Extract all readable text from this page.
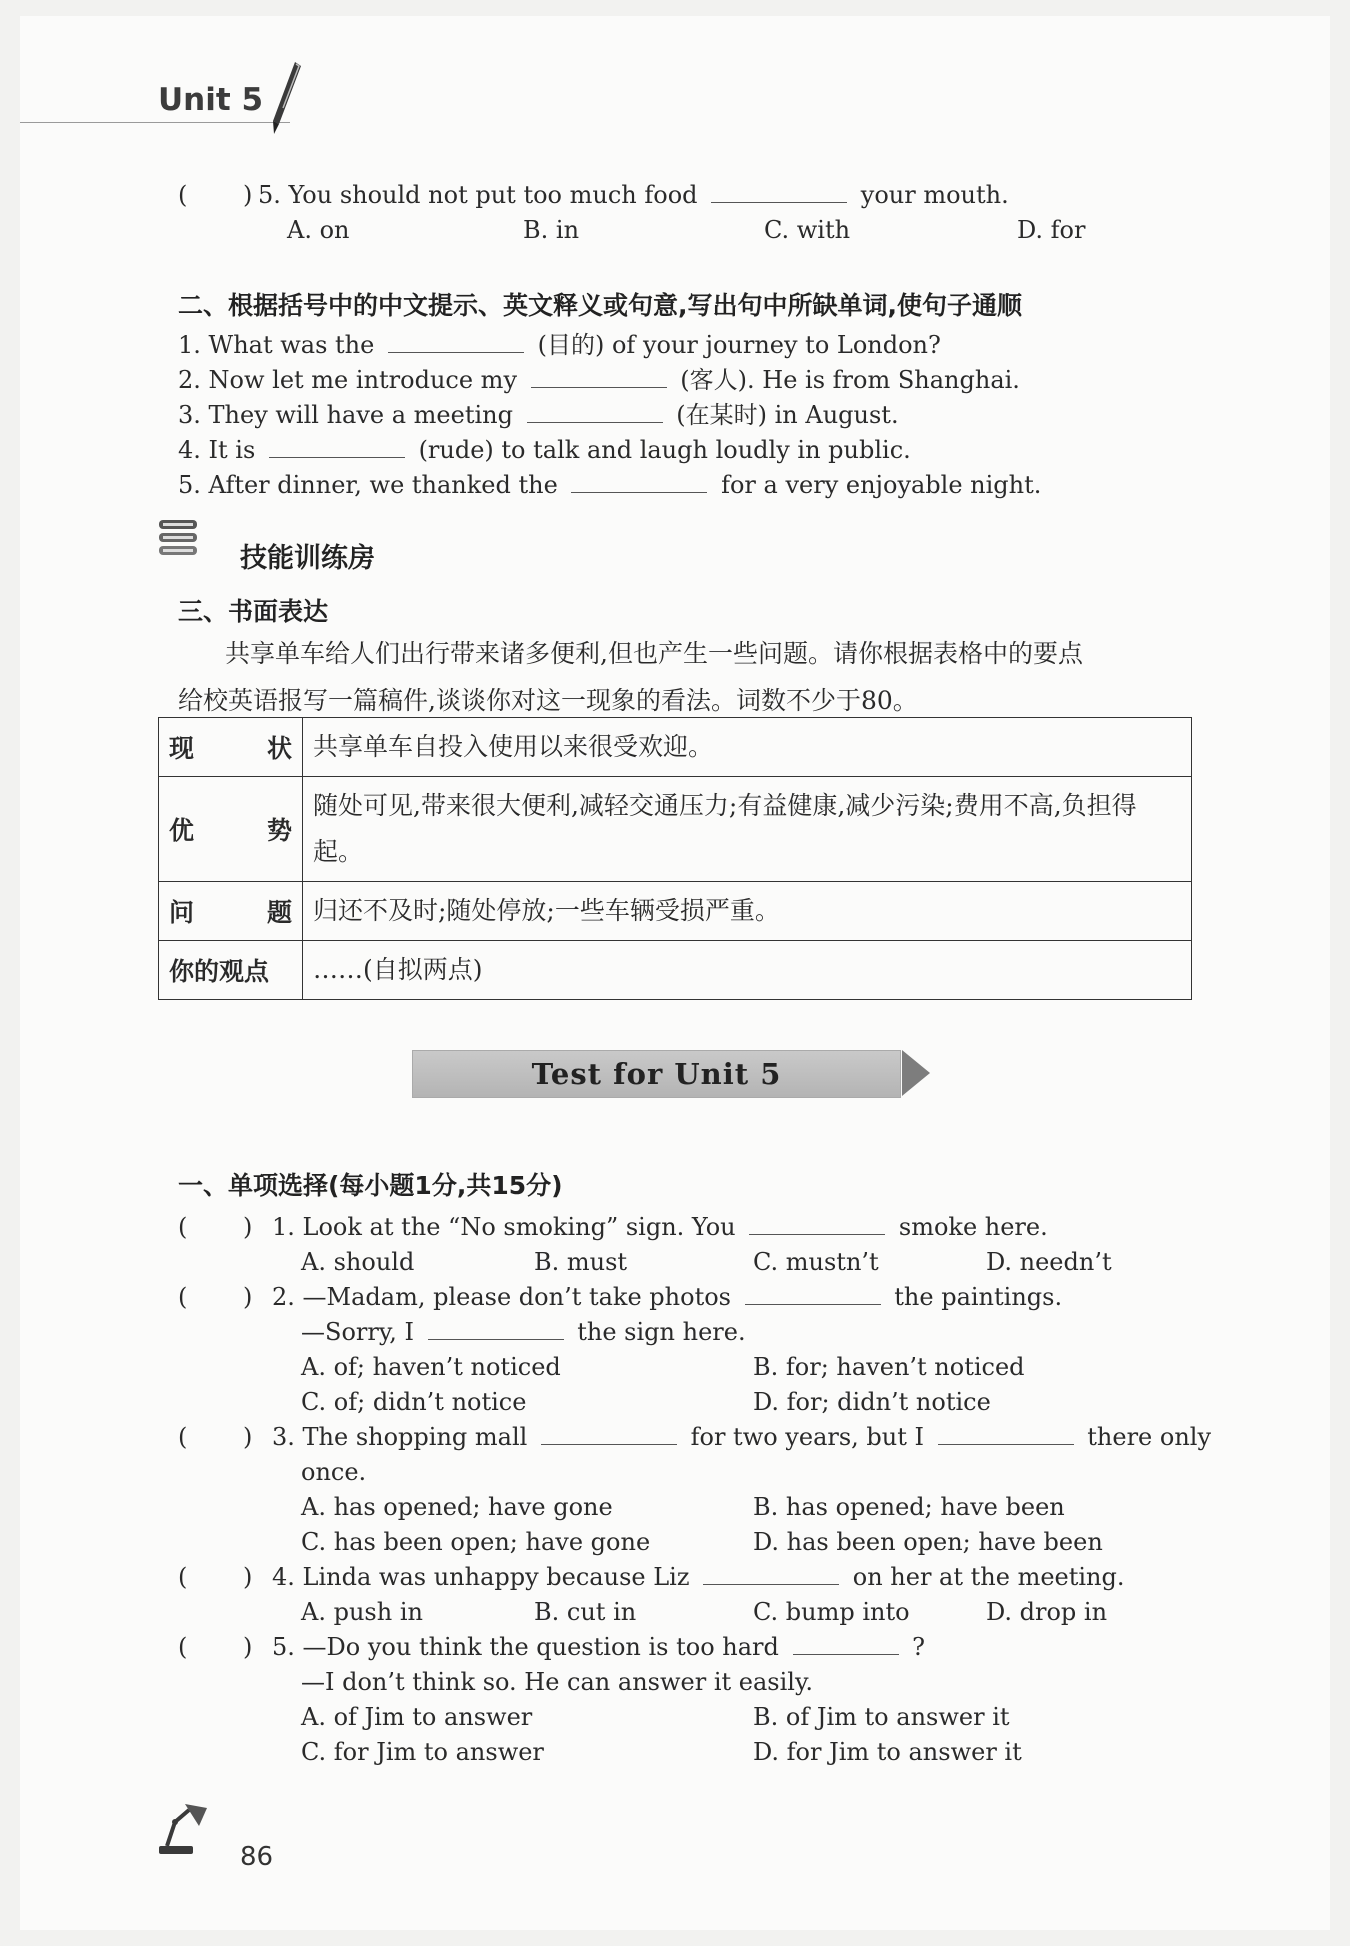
Unit 5
( ) 5. You should not put too much food	your mouth.
A. on	B. in	C. with	D. for
二、根据括号中的中文提示、英文释义或句意,写出句中所缺单词,使句子通顺
1. What was the	(目的) of your journey to London?
2. Now let me introduce my	(客人). He is from Shanghai.
3. They will have a meeting	(在某时) in August.
4. It is	(rude) to talk and laugh loudly in public.
5. After dinner, we thanked the	for a very enjoyable night.
技能训练房
三、书面表达
共享单车给人们出行带来诸多便利,但也产生一些问题。请你根据表格中的要点
给校英语报写一篇稿件,谈谈你对这一现象的看法。词数不少于80。
现 状	共享单车自投入使用以来很受欢迎。

优 势	随处可见,带来很大便利,减轻交通压力;有益健康,减少污染;费用不高,负担得起。

问 题	归还不及时;随处停放;一些车辆受损严重。
你的观点	……(自拟两点)
Test for Unit 5
一、单项选择(每小题1分,共15分)
( ) 1. Look at the “No smoking” sign. You	smoke here.
A. should	B. must	C. mustn’t	D. needn’t
( ) 2. —Madam, please don’t take photos	the paintings.
—Sorry, I	the sign here.
A. of; haven’t noticed	B. for; haven’t noticed
C. of; didn’t notice	D. for; didn’t notice
( ) 3. The shopping mall	for two years, but I	there only
once.
A. has opened; have gone	B. has opened; have been
C. has been open; have gone	D. has been open; have been
( ) 4. Linda was unhappy because Liz	on her at the meeting.
A. push in	B. cut in	C. bump into	D. drop in
( ) 5. —Do you think the question is too hard	?
—I don’t think so. He can answer it easily.
A. of Jim to answer	B. of Jim to answer it
C. for Jim to answer	D. for Jim to answer it
86
